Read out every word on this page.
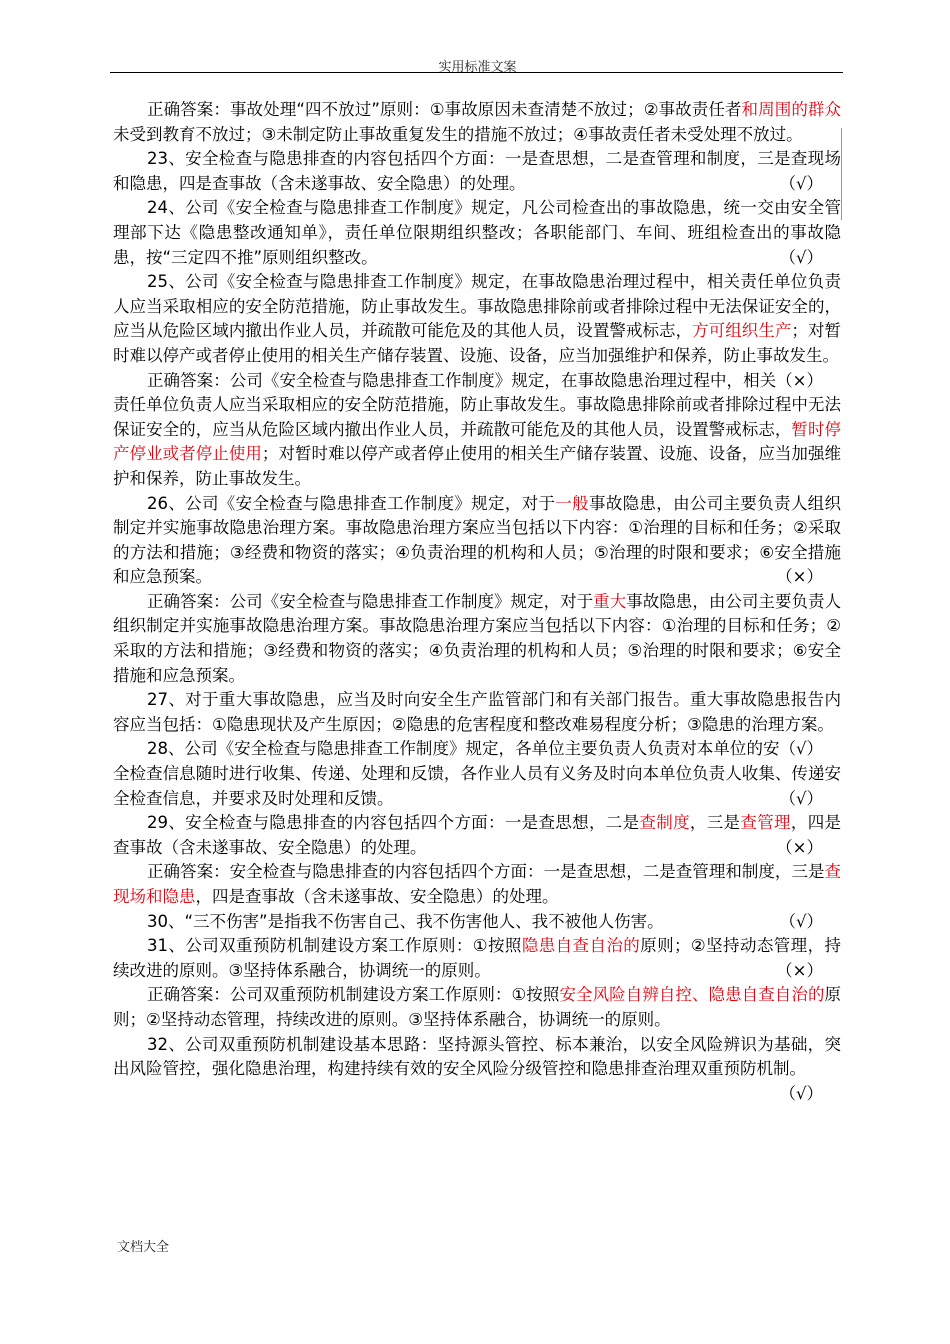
实用标准文案

正确答案：事故处理“四不放过”原则：①事故原因未查清楚不放过；②事故责任者和周围的群众未受到教育不放过；③未制定防止事故重复发生的措施不放过；④事故责任者未受处理不放过。

23、安全检查与隐患排查的内容包括四个方面：一是查思想，二是查管理和制度，三是查现场和隐患，四是查事故（含未遂事故、安全隐患）的处理。	（√）

24、公司《安全检查与隐患排查工作制度》规定，凡公司检查出的事故隐患，统一交由安全管理部下达《隐患整改通知单》，责任单位限期组织整改；各职能部门、车间、班组检查出的事故隐患，按“三定四不推”原则组织整改。	（√）

25、公司《安全检查与隐患排查工作制度》规定，在事故隐患治理过程中，相关责任单位负责人应当采取相应的安全防范措施，防止事故发生。事故隐患排除前或者排除过程中无法保证安全的，应当从危险区域内撤出作业人员，并疏散可能危及的其他人员，设置警戒标志，方可组织生产；对暂时难以停产或者停止使用的相关生产储存装置、设施、设备，应当加强维护和保养，防止事故发生。
（×）

正确答案：公司《安全检查与隐患排查工作制度》规定，在事故隐患治理过程中，相关责任单位负责人应当采取相应的安全防范措施，防止事故发生。事故隐患排除前或者排除过程中无法保证安全的，应当从危险区域内撤出作业人员，并疏散可能危及的其他人员，设置警戒标志，暂时停产停业或者停止使用；对暂时难以停产或者停止使用的相关生产储存装置、设施、设备，应当加强维护和保养，防止事故发生。

26、公司《安全检查与隐患排查工作制度》规定，对于一般事故隐患，由公司主要负责人组织制定并实施事故隐患治理方案。事故隐患治理方案应当包括以下内容：①治理的目标和任务；②采取的方法和措施；③经费和物资的落实；④负责治理的机构和人员；⑤治理的时限和要求；⑥安全措施和应急预案。	（×）

正确答案：公司《安全检查与隐患排查工作制度》规定，对于重大事故隐患，由公司主要负责人组织制定并实施事故隐患治理方案。事故隐患治理方案应当包括以下内容：①治理的目标和任务；②采取的方法和措施；③经费和物资的落实；④负责治理的机构和人员；⑤治理的时限和要求；⑥安全措施和应急预案。

27、对于重大事故隐患，应当及时向安全生产监管部门和有关部门报告。重大事故隐患报告内容应当包括：①隐患现状及产生原因；②隐患的危害程度和整改难易程度分析；③隐患的治理方案。
（√）

28、公司《安全检查与隐患排查工作制度》规定，各单位主要负责人负责对本单位的安全检查信息随时进行收集、传递、处理和反馈，各作业人员有义务及时向本单位负责人收集、传递安全检查信息，并要求及时处理和反馈。	（√）

29、安全检查与隐患排查的内容包括四个方面：一是查思想，二是查制度，三是查管理，四是查事故（含未遂事故、安全隐患）的处理。	（×）

正确答案：安全检查与隐患排查的内容包括四个方面：一是查思想，二是查管理和制度，三是查现场和隐患，四是查事故（含未遂事故、安全隐患）的处理。

30、“三不伤害”是指我不伤害自己、我不伤害他人、我不被他人伤害。	（√）

31、公司双重预防机制建设方案工作原则：①按照隐患自查自治的原则；②坚持动态管理，持续改进的原则。③坚持体系融合，协调统一的原则。	（×）

正确答案：公司双重预防机制建设方案工作原则：①按照安全风险自辨自控、隐患自查自治的原则；②坚持动态管理，持续改进的原则。③坚持体系融合，协调统一的原则。

32、公司双重预防机制建设基本思路：坚持源头管控、标本兼治，以安全风险辨识为基础，突出风险管控，强化隐患治理，构建持续有效的安全风险分级管控和隐患排查治理双重预防机制。
（√）

文档大全
